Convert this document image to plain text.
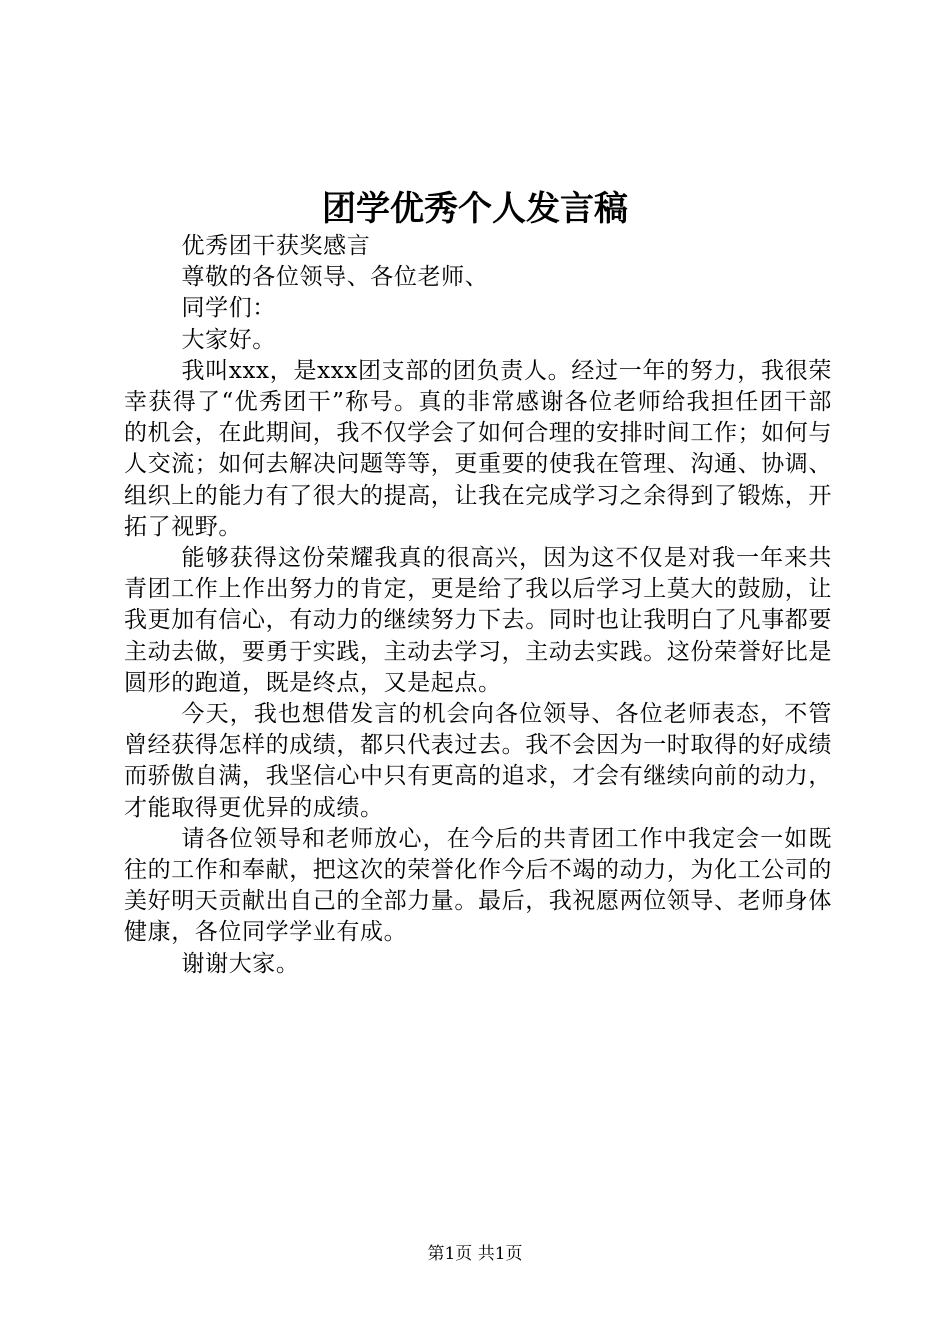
团学优秀个人发言稿

优秀团干获奖感言

尊敬的各位领导、各位老师、

同学们：

大家好。

我叫xxx，是xxx团支部的团负责人。经过一年的努力，我很荣幸获得了“优秀团干”称号。真的非常感谢各位老师给我担任团干部的机会，在此期间，我不仅学会了如何合理的安排时间工作；如何与人交流；如何去解决问题等等，更重要的使我在管理、沟通、协调、组织上的能力有了很大的提高，让我在完成学习之余得到了锻炼，开拓了视野。

能够获得这份荣耀我真的很高兴，因为这不仅是对我一年来共青团工作上作出努力的肯定，更是给了我以后学习上莫大的鼓励，让我更加有信心，有动力的继续努力下去。同时也让我明白了凡事都要主动去做，要勇于实践，主动去学习，主动去实践。这份荣誉好比是圆形的跑道，既是终点，又是起点。

今天，我也想借发言的机会向各位领导、各位老师表态，不管曾经获得怎样的成绩，都只代表过去。我不会因为一时取得的好成绩而骄傲自满，我坚信心中只有更高的追求，才会有继续向前的动力，才能取得更优异的成绩。

请各位领导和老师放心，在今后的共青团工作中我定会一如既往的工作和奉献，把这次的荣誉化作今后不竭的动力，为化工公司的美好明天贡献出自己的全部力量。最后，我祝愿两位领导、老师身体健康，各位同学学业有成。

谢谢大家。

第1页 共1页
